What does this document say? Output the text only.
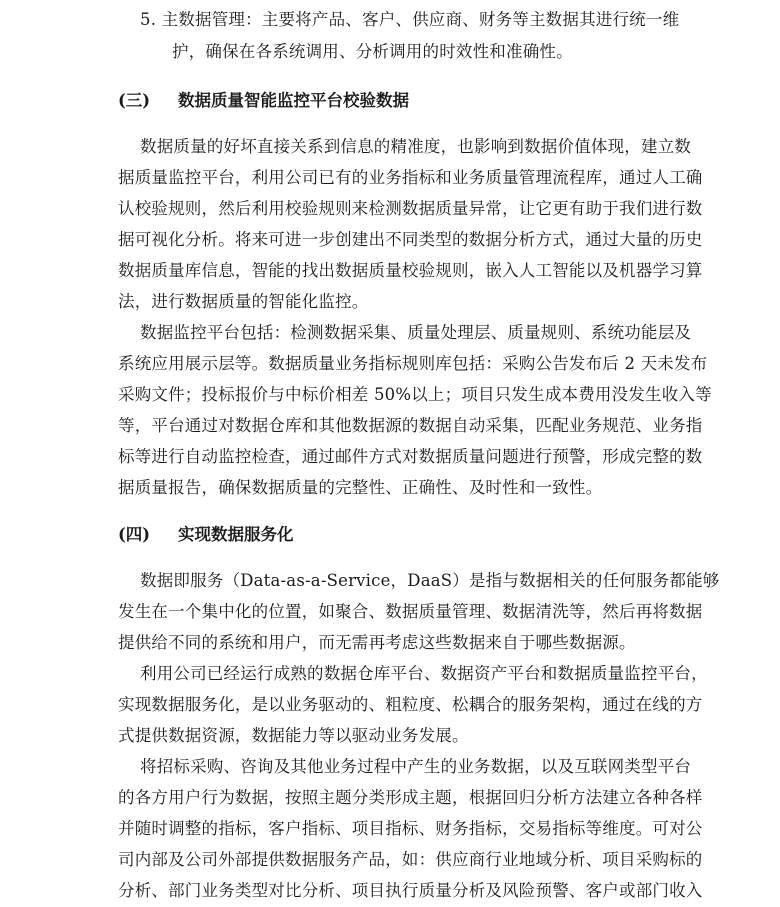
5. 主数据管理：主要将产品、客户、供应商、财务等主数据其进行统一维
护，确保在各系统调用、分析调用的时效性和准确性。
(三) 数据质量智能监控平台校验数据
数据质量的好坏直接关系到信息的精准度，也影响到数据价值体现，建立数
据质量监控平台，利用公司已有的业务指标和业务质量管理流程库，通过人工确
认校验规则，然后利用校验规则来检测数据质量异常，让它更有助于我们进行数
据可视化分析。将来可进一步创建出不同类型的数据分析方式，通过大量的历史
数据质量库信息，智能的找出数据质量校验规则，嵌入人工智能以及机器学习算
法，进行数据质量的智能化监控。
数据监控平台包括：检测数据采集、质量处理层、质量规则、系统功能层及
系统应用展示层等。数据质量业务指标规则库包括：采购公告发布后 2 天未发布
采购文件；投标报价与中标价相差 50%以上；项目只发生成本费用没发生收入等
等，平台通过对数据仓库和其他数据源的数据自动采集，匹配业务规范、业务指
标等进行自动监控检查，通过邮件方式对数据质量问题进行预警，形成完整的数
据质量报告，确保数据质量的完整性、正确性、及时性和一致性。
(四) 实现数据服务化
数据即服务（Data-as-a-Service，DaaS）是指与数据相关的任何服务都能够
发生在一个集中化的位置，如聚合、数据质量管理、数据清洗等，然后再将数据
提供给不同的系统和用户，而无需再考虑这些数据来自于哪些数据源。
利用公司已经运行成熟的数据仓库平台、数据资产平台和数据质量监控平台，
实现数据服务化，是以业务驱动的、粗粒度、松耦合的服务架构，通过在线的方
式提供数据资源，数据能力等以驱动业务发展。
将招标采购、咨询及其他业务过程中产生的业务数据，以及互联网类型平台
的各方用户行为数据，按照主题分类形成主题，根据回归分析方法建立各种各样
并随时调整的指标，客户指标、项目指标、财务指标，交易指标等维度。可对公
司内部及公司外部提供数据服务产品，如：供应商行业地域分析、项目采购标的
分析、部门业务类型对比分析、项目执行质量分析及风险预警、客户或部门收入
